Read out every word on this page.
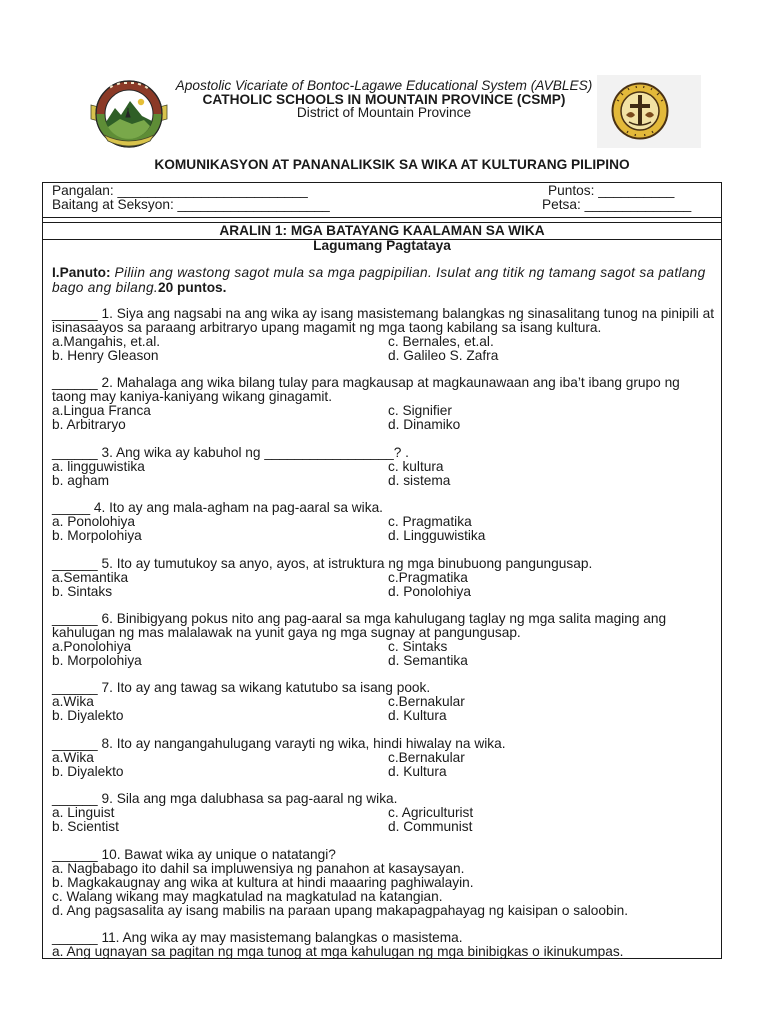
Apostolic Vicariate of Bontoc-Lagawe Educational System (AVBLES)
CATHOLIC SCHOOLS IN MOUNTAIN PROVINCE (CSMP)
District of Mountain Province
KOMUNIKASYON AT PANANALIKSIK SA WIKA AT KULTURANG PILIPINO
Pangalan: _________________________	Puntos: __________
Baitang at Seksyon: ____________________	Petsa: ______________
ARALIN 1: MGA BATAYANG KAALAMAN SA WIKA
Lagumang Pagtataya
I.Panuto: Piliin ang wastong sagot mula sa mga pagpipilian. Isulat ang titik ng tamang sagot sa patlang
bago ang bilang.20 puntos.
______ 1. Siya ang nagsabi na ang wika ay isang masistemang balangkas ng sinasalitang tunog na pinipili at
isinasaayos sa paraang arbitraryo upang magamit ng mga taong kabilang sa isang kultura.
a.Mangahis, et.al.	c. Bernales, et.al.
b. Henry Gleason	d. Galileo S. Zafra
______ 2. Mahalaga ang wika bilang tulay para magkausap at magkaunawaan ang iba’t ibang grupo ng
taong may kaniya-kaniyang wikang ginagamit.
a.Lingua Franca	c. Signifier
b. Arbitraryo	d. Dinamiko
______ 3. Ang wika ay kabuhol ng _________________? .
a. lingguwistika	c. kultura
b. agham	d. sistema
_____ 4. Ito ay ang mala-agham na pag-aaral sa wika.
a. Ponolohiya	c. Pragmatika
b. Morpolohiya	d. Lingguwistika
______ 5. Ito ay tumutukoy sa anyo, ayos, at istruktura ng mga binubuong pangungusap.
a.Semantika	c.Pragmatika
b. Sintaks	d. Ponolohiya
______ 6. Binibigyang pokus nito ang pag-aaral sa mga kahulugang taglay ng mga salita maging ang
kahulugan ng mas malalawak na yunit gaya ng mga sugnay at pangungusap.
a.Ponolohiya	c. Sintaks
b. Morpolohiya	d. Semantika
______ 7. Ito ay ang tawag sa wikang katutubo sa isang pook.
a.Wika	c.Bernakular
b. Diyalekto	d. Kultura
______ 8. Ito ay nangangahulugang varayti ng wika, hindi hiwalay na wika.
a.Wika	c.Bernakular
b. Diyalekto	d. Kultura
______ 9. Sila ang mga dalubhasa sa pag-aaral ng wika.
a. Linguist	c. Agriculturist
b. Scientist	d. Communist
______ 10. Bawat wika ay unique o natatangi?
a. Nagbabago ito dahil sa impluwensiya ng panahon at kasaysayan.
b. Magkakaugnay ang wika at kultura at hindi maaaring paghiwalayin.
c. Walang wikang may magkatulad na magkatulad na katangian.
d. Ang pagsasalita ay isang mabilis na paraan upang makapagpahayag ng kaisipan o saloobin.
______ 11. Ang wika ay may masistemang balangkas o masistema.
a. Ang ugnayan sa pagitan ng mga tunog at mga kahulugan ng mga binibigkas o ikinukumpas.
